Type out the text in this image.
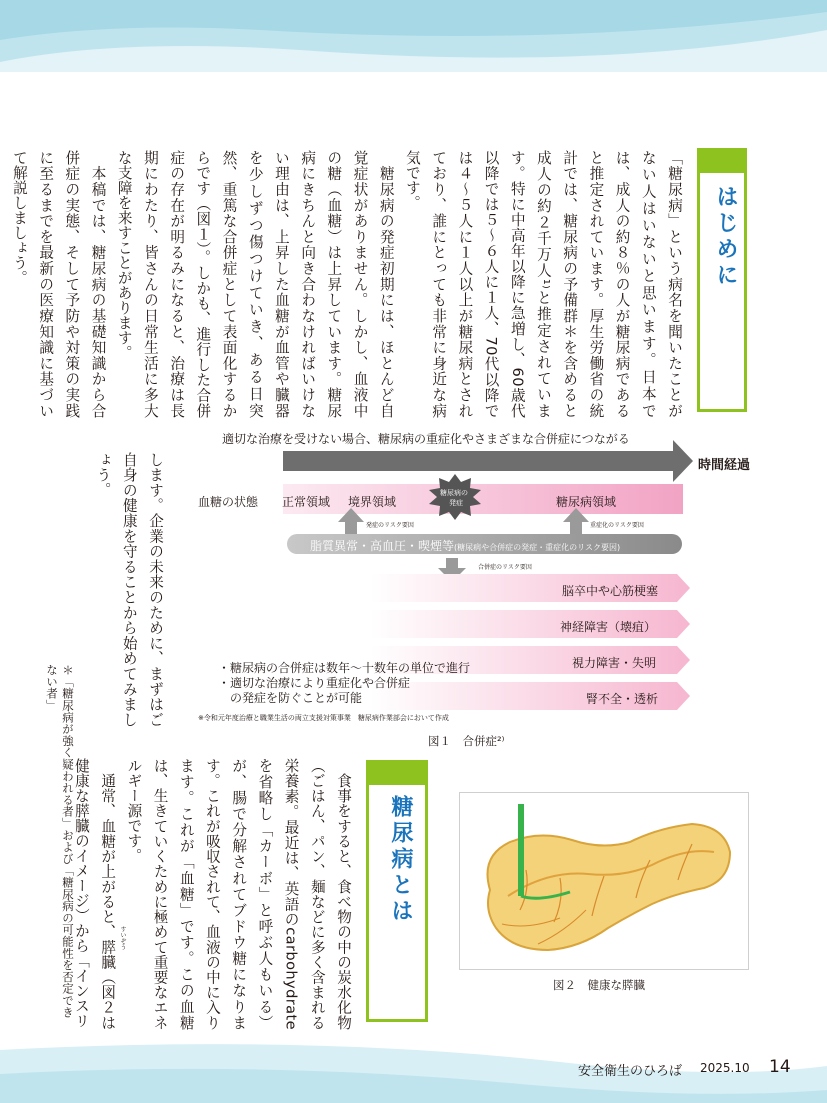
はじめに

「糖尿病」という病名を聞いたことがない人はいないと思います。日本では、成人の約８％の人が糖尿病であると推定されています。厚生労働省の統計では、糖尿病の予備群＊を含めると成人の約２千万人¹⁾と推定されています。特に中高年以降に急増し、60歳代以降では５～６人に１人、70代以降では４～５人に１人以上が糖尿病とされており、誰にとっても非常に身近な病気です。

　糖尿病の発症初期には、ほとんど自覚症状がありません。しかし、血液中の糖（血糖）は上昇しています。糖尿病にきちんと向き合わなければいけない理由は、上昇した血糖が血管や臓器を少しずつ傷つけていき、ある日突然、重篤な合併症として表面化するからです（図１）。しかも、進行した合併症の存在が明るみになると、治療は長期にわたり、皆さんの日常生活に多大な支障を来すことがあります。

　本稿では、糖尿病の基礎知識から合併症の実態、そして予防や対策の実践に至るまでを最新の医療知識に基づいて解説しましょう。

します。企業の未来のために、まずはご自身の健康を守ることから始めてみましょう。
適切な治療を受けない場合、糖尿病の重症化やさまざまな合併症につながる
時間経過
血糖の状態 正常領域 境界領域
糖尿病の
発症	糖尿病領域
発症のリスク要因	重症化のリスク要因
脂質異常・高血圧・喫煙等(糖尿病や合併症の発症・重症化のリスク要因)
合併症のリスク要因
脳卒中や心筋梗塞
神経障害（壊疽）
視力障害・失明
腎不全・透析
・糖尿病の合併症は数年～十数年の単位で進行
・適切な治療により重症化や合併症
　の発症を防ぐことが可能
※令和元年度治療と職業生活の両立支援対策事業　糖尿病作業部会において作成
図１　合併症²⁾
＊「糖尿病が強く疑われる者」および「糖尿病の可能性を否定できない者」
糖尿病とは

　食事をすると、食べ物の中の炭水化物（ごはん、パン、麺などに多く含まれる栄養素。最近は、英語のcarbohydrateを省略し「カーボ」と呼ぶ人もいる）が、腸で分解されてブドウ糖になります。これが吸収されて、血液の中に入ります。これが「血糖」です。この血糖は、生きていくために極めて重要なエネルギー源です。

　通常、血糖が上がると、膵臓（図２は健康な膵臓のイメージ）から「インスリ	すいぞう
図２　健康な膵臓
安全衛生のひろば 2025.10 14
